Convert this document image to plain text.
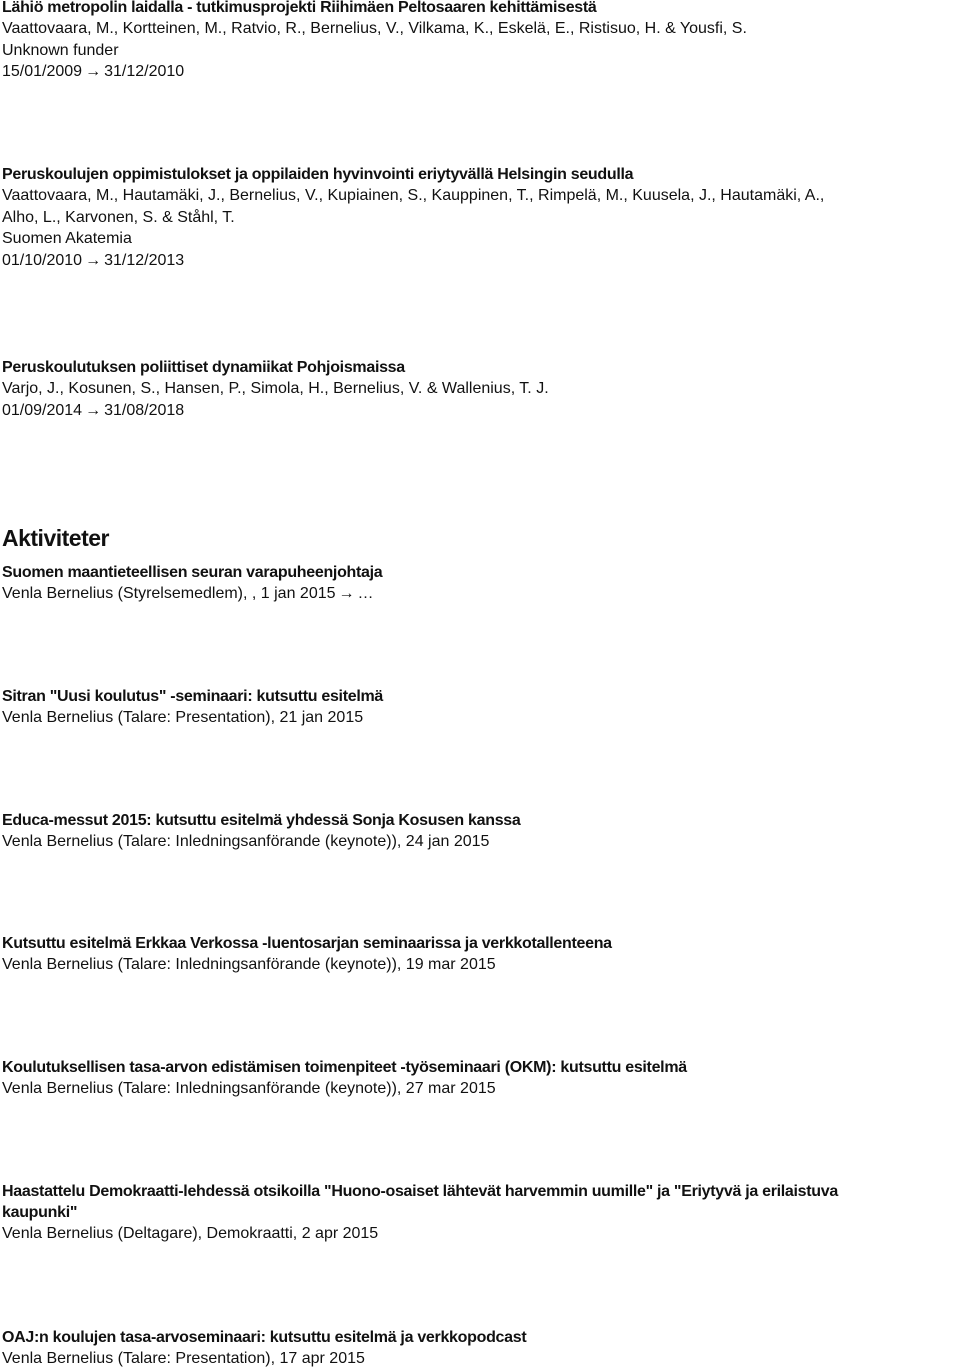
Lähiö metropolin laidalla - tutkimusprojekti Riihimäen Peltosaaren kehittämisestä

Vaattovaara, M., Kortteinen, M., Ratvio, R., Bernelius, V., Vilkama, K., Eskelä, E., Ristisuo, H. & Yousfi, S.

Unknown funder

15/01/2009 → 31/12/2010

Peruskoulujen oppimistulokset ja oppilaiden hyvinvointi eriytyvällä Helsingin seudulla

Vaattovaara, M., Hautamäki, J., Bernelius, V., Kupiainen, S., Kauppinen, T., Rimpelä, M., Kuusela, J., Hautamäki, A.,

Alho, L., Karvonen, S. & Ståhl, T.

Suomen Akatemia

01/10/2010 → 31/12/2013

Peruskoulutuksen poliittiset dynamiikat Pohjoismaissa

Varjo, J., Kosunen, S., Hansen, P., Simola, H., Bernelius, V. & Wallenius, T. J.

01/09/2014 → 31/08/2018

Aktiviteter

Suomen maantieteellisen seuran varapuheenjohtaja

Venla Bernelius (Styrelsemedlem), , 1 jan 2015 → …

Sitran "Uusi koulutus" -seminaari: kutsuttu esitelmä

Venla Bernelius (Talare: Presentation), 21 jan 2015

Educa-messut 2015: kutsuttu esitelmä yhdessä Sonja Kosusen kanssa

Venla Bernelius (Talare: Inledningsanförande (keynote)), 24 jan 2015

Kutsuttu esitelmä Erkkaa Verkossa -luentosarjan seminaarissa ja verkkotallenteena

Venla Bernelius (Talare: Inledningsanförande (keynote)), 19 mar 2015

Koulutuksellisen tasa-arvon edistämisen toimenpiteet -työseminaari (OKM): kutsuttu esitelmä

Venla Bernelius (Talare: Inledningsanförande (keynote)), 27 mar 2015

Haastattelu Demokraatti-lehdessä otsikoilla "Huono-osaiset lähtevät harvemmin uumille" ja "Eriytyvä ja erilaistuva

kaupunki"

Venla Bernelius (Deltagare), Demokraatti, 2 apr 2015

OAJ:n koulujen tasa-arvoseminaari: kutsuttu esitelmä ja verkkopodcast

Venla Bernelius (Talare: Presentation), 17 apr 2015
